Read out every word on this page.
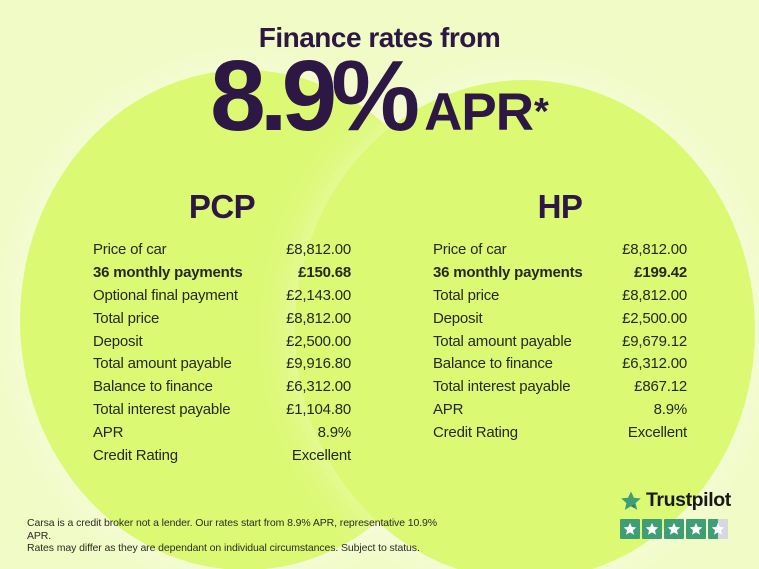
Finance rates from
8.9% APR *
PCP
Price of car	£8,812.00
36 monthly payments	£150.68
Optional final payment	£2,143.00
Total price	£8,812.00
Deposit	£2,500.00
Total amount payable	£9,916.80
Balance to finance	£6,312.00
Total interest payable	£1,104.80
APR	8.9%
Credit Rating	Excellent
HP
Price of car	£8,812.00
36 monthly payments	£199.42
Total price	£8,812.00
Deposit	£2,500.00
Total amount payable	£9,679.12
Balance to finance	£6,312.00
Total interest payable	£867.12
APR	8.9%
Credit Rating	Excellent
Carsa is a credit broker not a lender. Our rates start from 8.9% APR, representative 10.9% APR.
Rates may differ as they are dependant on individual circumstances. Subject to status.
Trustpilot
